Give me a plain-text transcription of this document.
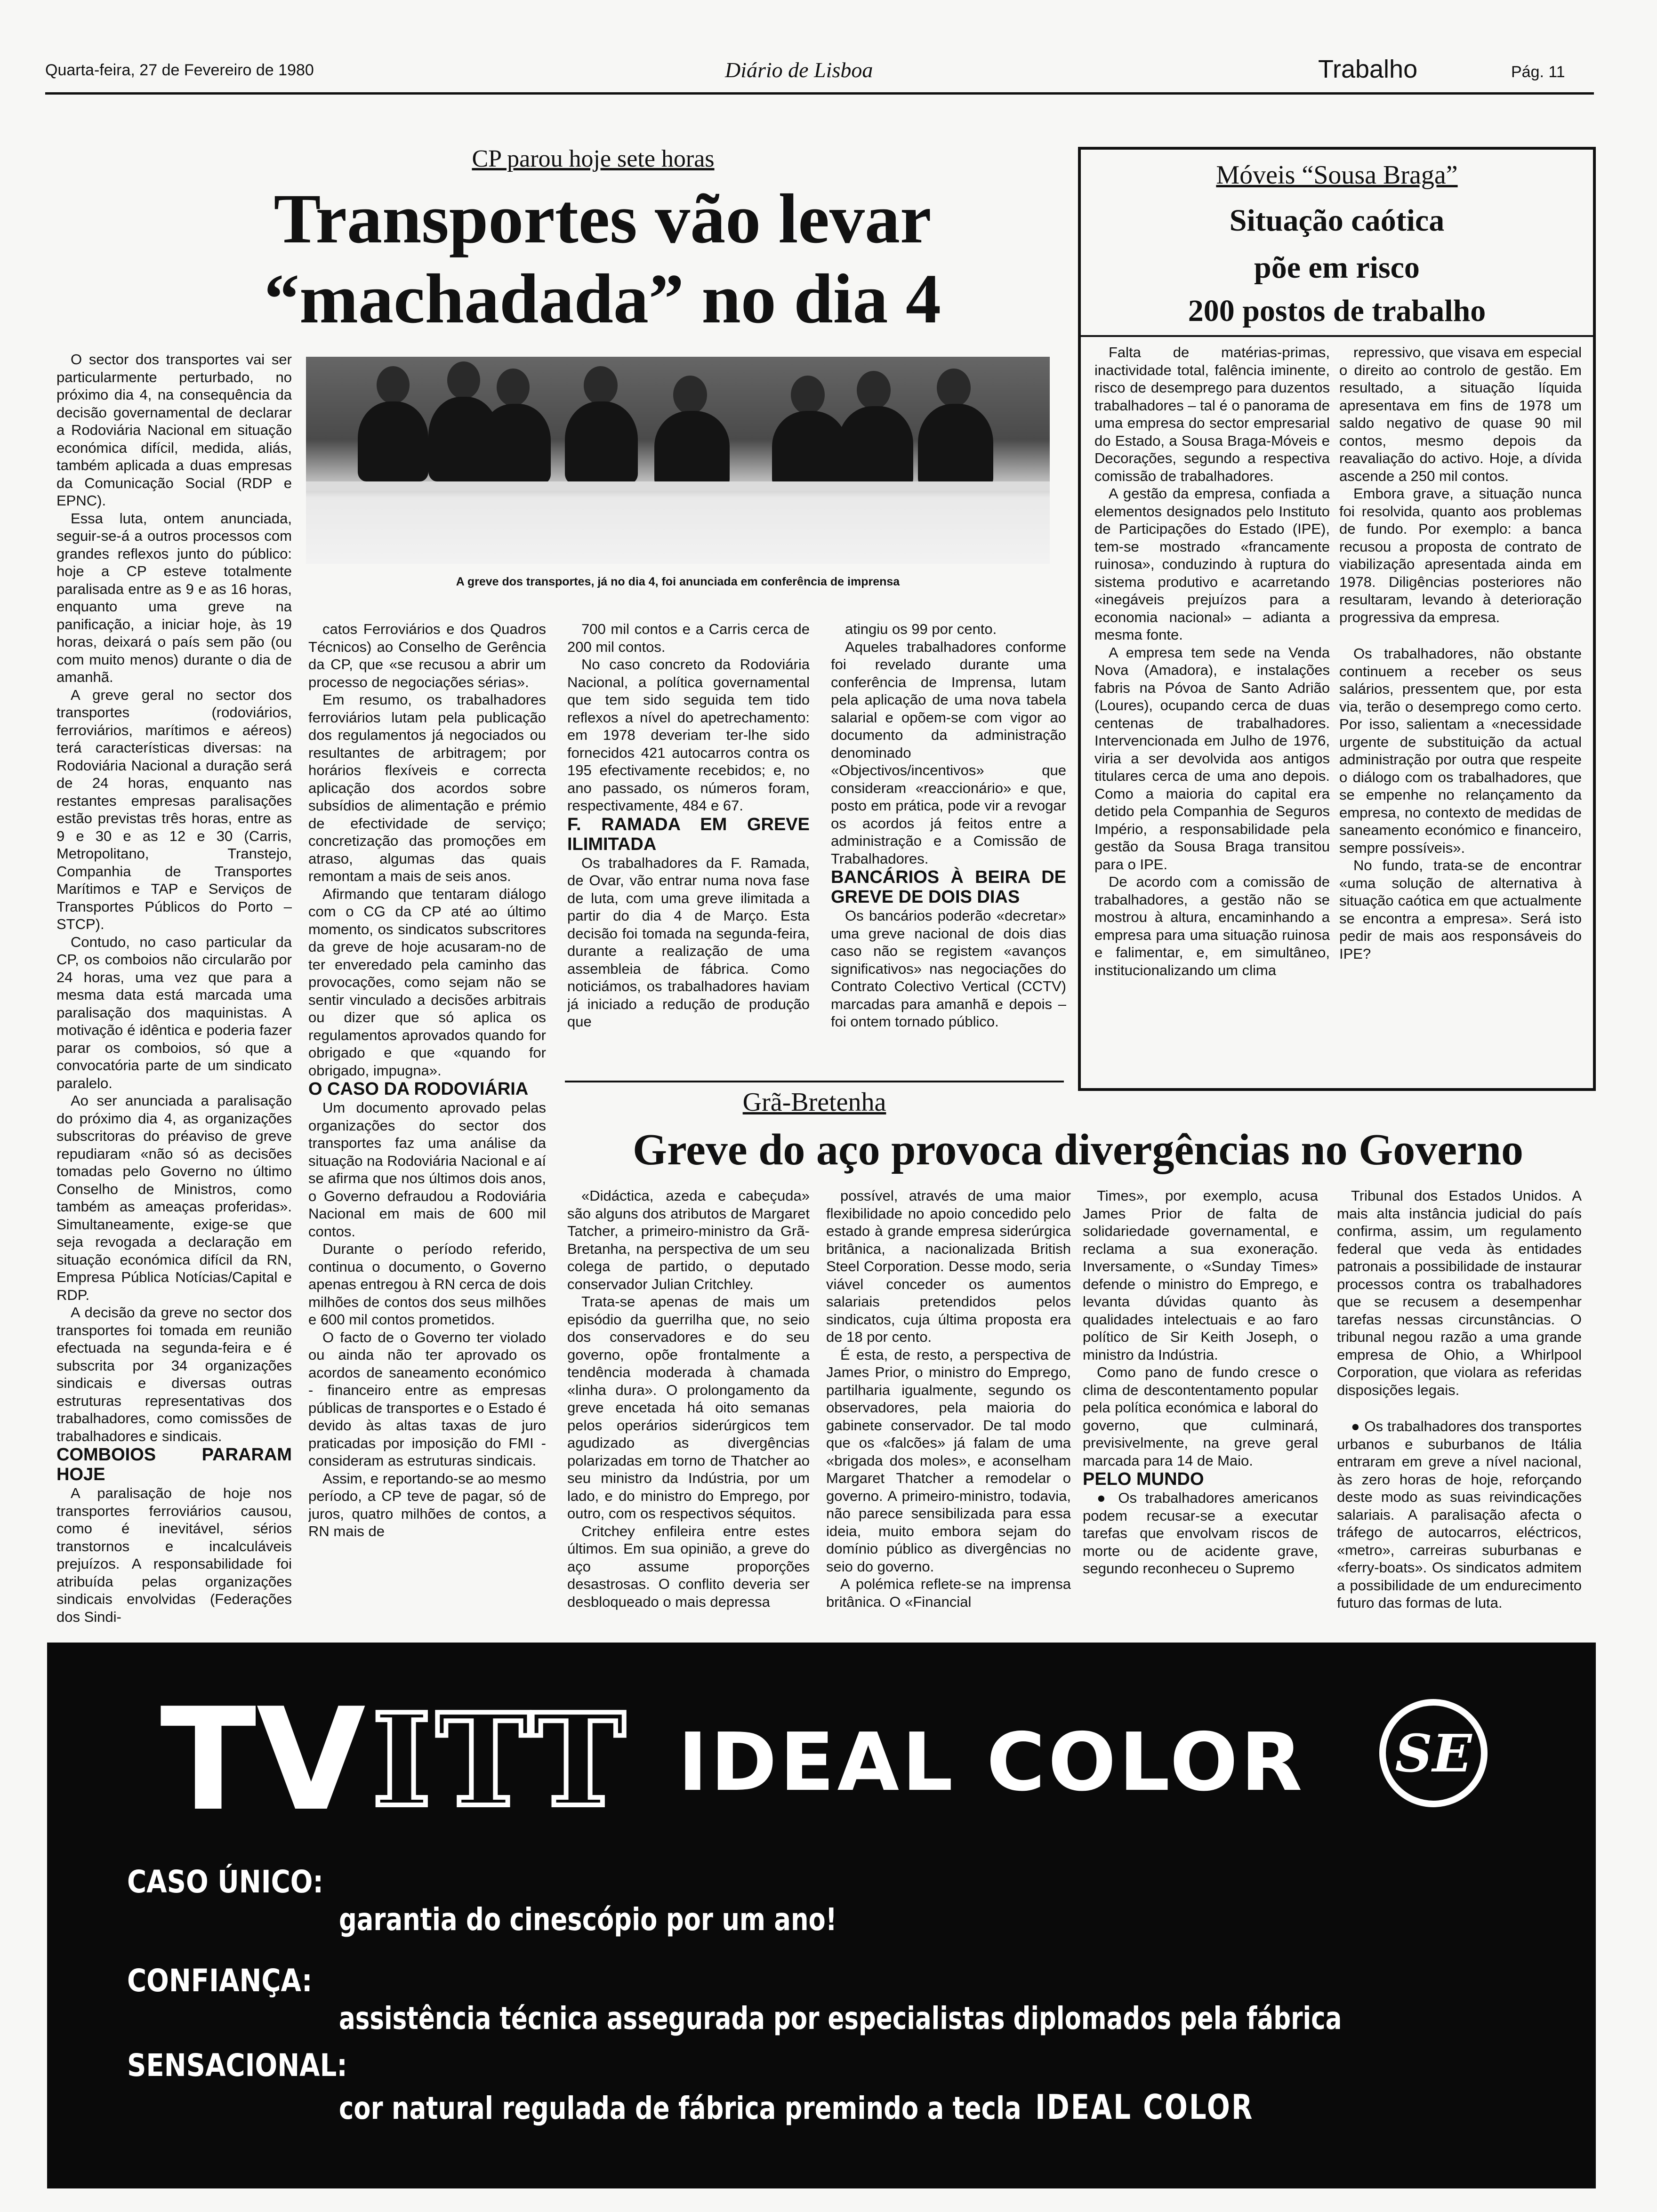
Quarta-feira, 27 de Fevereiro de 1980	Diário de Lisboa	Trabalho	Pág. 11
CP parou hoje sete horas
Transportes vão levar
“machadada” no dia 4

O sector dos transportes vai ser particularmente perturbado, no próximo dia 4, na consequência da decisão governamental de declarar a Rodoviária Nacional em situação económica difícil, medida, aliás, também aplicada a duas empresas da Comunicação Social (RDP e EPNC).

Essa luta, ontem anunciada, seguir-se-á a outros processos com grandes reflexos junto do público: hoje a CP esteve totalmente paralisada entre as 9 e as 16 horas, enquanto uma greve na panificação, a iniciar hoje, às 19 horas, deixará o país sem pão (ou com muito menos) durante o dia de amanhã.

A greve geral no sector dos transportes (rodoviários, ferroviários, marítimos e aéreos) terá características diversas: na Rodoviária Nacional a duração será de 24 horas, enquanto nas restantes empresas paralisações estão previstas três horas, entre as 9 e 30 e as 12 e 30 (Carris, Metropolitano, Transtejo, Companhia de Transportes Marítimos e TAP e Serviços de Transportes Públicos do Porto – STCP).

Contudo, no caso particular da CP, os comboios não circularão por 24 horas, uma vez que para a mesma data está marcada uma paralisação dos maquinistas. A motivação é idêntica e poderia fazer parar os comboios, só que a convocatória parte de um sindicato paralelo.

Ao ser anunciada a paralisação do próximo dia 4, as organizações subscritoras do préaviso de greve repudiaram «não só as decisões tomadas pelo Governo no último Conselho de Ministros, como também as ameaças proferidas». Simultaneamente, exige-se que seja revogada a declaração em situação económica difícil da RN, Empresa Pública Notícias/Capital e RDP.

A decisão da greve no sector dos transportes foi tomada em reunião efectuada na segunda-feira e é subscrita por 34 organizações sindicais e diversas outras estruturas representativas dos trabalhadores, como comissões de trabalhadores e sindicais.

COMBOIOS PARARAM HOJE

A paralisação de hoje nos transportes ferroviários causou, como é inevitável, sérios transtornos e incalculáveis prejuízos. A responsabilidade foi atribuída pelas organizações sindicais envolvidas (Federações dos Sindi-

A greve dos transportes, já no dia 4, foi anunciada em conferência de imprensa

catos Ferroviários e dos Quadros Técnicos) ao Conselho de Gerência da CP, que «se recusou a abrir um processo de negociações sérias».

Em resumo, os trabalhadores ferroviários lutam pela publicação dos regulamentos já negociados ou resultantes de arbitragem; por horários flexíveis e correcta aplicação dos acordos sobre subsídios de alimentação e prémio de efectividade de serviço; concretização das promoções em atraso, algumas das quais remontam a mais de seis anos.

Afirmando que tentaram diálogo com o CG da CP até ao último momento, os sindicatos subscritores da greve de hoje acusaram-no de ter enveredado pela caminho das provocações, como sejam não se sentir vinculado a decisões arbitrais ou dizer que só aplica os regulamentos aprovados quando for obrigado e que «quando for obrigado, impugna».

O CASO DA RODOVIÁRIA

Um documento aprovado pelas organizações do sector dos transportes faz uma análise da situação na Rodoviária Nacional e aí se afirma que nos últimos dois anos, o Governo defraudou a Rodoviária Nacional em mais de 600 mil contos.

Durante o período referido, continua o documento, o Governo apenas entregou à RN cerca de dois milhões de contos dos seus milhões e 600 mil contos prometidos.

O facto de o Governo ter violado ou ainda não ter aprovado os acordos de saneamento económico - financeiro entre as empresas públicas de transportes e o Estado é devido às altas taxas de juro praticadas por imposição do FMI - consideram as estruturas sindicais.

Assim, e reportando-se ao mesmo período, a CP teve de pagar, só de juros, quatro milhões de contos, a RN mais de

700 mil contos e a Carris cerca de 200 mil contos.

No caso concreto da Rodoviária Nacional, a política governamental que tem sido seguida tem tido reflexos a nível do apetrechamento: em 1978 deveriam ter-lhe sido fornecidos 421 autocarros contra os 195 efectivamente recebidos; e, no ano passado, os números foram, respectivamente, 484 e 67.

F. RAMADA EM GREVE ILIMITADA

Os trabalhadores da F. Ramada, de Ovar, vão entrar numa nova fase de luta, com uma greve ilimitada a partir do dia 4 de Março. Esta decisão foi tomada na segunda-feira, durante a realização de uma assembleia de fábrica. Como noticiámos, os trabalhadores haviam já iniciado a redução de produção que

atingiu os 99 por cento.

Aqueles trabalhadores conforme foi revelado durante uma conferência de Imprensa, lutam pela aplicação de uma nova tabela salarial e opõem-se com vigor ao documento da administração denominado «Objectivos/incentivos» que consideram «reaccionário» e que, posto em prática, pode vir a revogar os acordos já feitos entre a administração e a Comissão de Trabalhadores.

BANCÁRIOS À BEIRA DE GREVE DE DOIS DIAS

Os bancários poderão «decretar» uma greve nacional de dois dias caso não se registem «avanços significativos» nas negociações do Contrato Colectivo Vertical (CCTV) marcadas para amanhã e depois – foi ontem tornado público.

Móveis “Sousa Braga”
Situação caótica
põe em risco
200 postos de trabalho

Falta de matérias-primas, inactividade total, falência iminente, risco de desemprego para duzentos trabalhadores – tal é o panorama de uma empresa do sector empresarial do Estado, a Sousa Braga-Móveis e Decorações, segundo a respectiva comissão de trabalhadores.

A gestão da empresa, confiada a elementos designados pelo Instituto de Participações do Estado (IPE), tem-se mostrado «francamente ruinosa», conduzindo à ruptura do sistema produtivo e acarretando «inegáveis prejuízos para a economia nacional» – adianta a mesma fonte.

A empresa tem sede na Venda Nova (Amadora), e instalações fabris na Póvoa de Santo Adrião (Loures), ocupando cerca de duas centenas de trabalhadores. Intervencionada em Julho de 1976, viria a ser devolvida aos antigos titulares cerca de uma ano depois. Como a maioria do capital era detido pela Companhia de Seguros Império, a responsabilidade pela gestão da Sousa Braga transitou para o IPE.

De acordo com a comissão de trabalhadores, a gestão não se mostrou à altura, encaminhando a empresa para uma situação ruinosa e falimentar, e, em simultâneo, institucionalizando um clima

repressivo, que visava em especial o direito ao controlo de gestão. Em resultado, a situação líquida apresentava em fins de 1978 um saldo negativo de quase 90 mil contos, mesmo depois da reavaliação do activo. Hoje, a dívida ascende a 250 mil contos.

Embora grave, a situação nunca foi resolvida, quanto aos problemas de fundo. Por exemplo: a banca recusou a proposta de contrato de viabilização apresentada ainda em 1978. Diligências posteriores não resultaram, levando à deterioração progressiva da empresa.

Os trabalhadores, não obstante continuem a receber os seus salários, pressentem que, por esta via, terão o desemprego como certo. Por isso, salientam a «necessidade urgente de substituição da actual administração por outra que respeite o diálogo com os trabalhadores, que se empenhe no relançamento da empresa, no contexto de medidas de saneamento económico e financeiro, sempre possíveis».

No fundo, trata-se de encontrar «uma solução de alternativa à situação caótica em que actualmente se encontra a empresa». Será isto pedir de mais aos responsáveis do IPE?

Grã-Bretenha
Greve do aço provoca divergências no Governo

«Didáctica, azeda e cabeçuda» são alguns dos atributos de Margaret Tatcher, a primeiro-ministro da Grã-Bretanha, na perspectiva de um seu colega de partido, o deputado conservador Julian Critchley.

Trata-se apenas de mais um episódio da guerrilha que, no seio dos conservadores e do seu governo, opõe frontalmente a tendência moderada à chamada «linha dura». O prolongamento da greve encetada há oito semanas pelos operários siderúrgicos tem agudizado as divergências polarizadas em torno de Thatcher ao seu ministro da Indústria, por um lado, e do ministro do Emprego, por outro, com os respectivos séquitos.

Critchey enfileira entre estes últimos. Em sua opinião, a greve do aço assume proporções desastrosas. O conflito deveria ser desbloqueado o mais depressa

possível, através de uma maior flexibilidade no apoio concedido pelo estado à grande empresa siderúrgica britânica, a nacionalizada British Steel Corporation. Desse modo, seria viável conceder os aumentos salariais pretendidos pelos sindicatos, cuja última proposta era de 18 por cento.

É esta, de resto, a perspectiva de James Prior, o ministro do Emprego, partilharia igualmente, segundo os observadores, pela maioria do gabinete conservador. De tal modo que os «falcões» já falam de uma «brigada dos moles», e aconselham Margaret Thatcher a remodelar o governo. A primeiro-ministro, todavia, não parece sensibilizada para essa ideia, muito embora sejam do domínio público as divergências no seio do governo.

A polémica reflete-se na imprensa britânica. O «Financial

Times», por exemplo, acusa James Prior de falta de solidariedade governamental, e reclama a sua exoneração. Inversamente, o «Sunday Times» defende o ministro do Emprego, e levanta dúvidas quanto às qualidades intelectuais e ao faro político de Sir Keith Joseph, o ministro da Indústria.

Como pano de fundo cresce o clima de descontentamento popular pela política económica e laboral do governo, que culminará, previsivelmente, na greve geral marcada para 14 de Maio.

PELO MUNDO

● Os trabalhadores americanos podem recusar-se a executar tarefas que envolvam riscos de morte ou de acidente grave, segundo reconheceu o Supremo

Tribunal dos Estados Unidos. A mais alta instância judicial do país confirma, assim, um regulamento federal que veda às entidades patronais a possibilidade de instaurar processos contra os trabalhadores que se recusem a desempenhar tarefas nessas circunstâncias. O tribunal negou razão a uma grande empresa de Ohio, a Whirlpool Corporation, que violara as referidas disposições legais.

● Os trabalhadores dos transportes urbanos e suburbanos de Itália entraram em greve a nível nacional, às zero horas de hoje, reforçando deste modo as suas reivindicações salariais. A paralisação afecta o tráfego de autocarros, eléctricos, «metro», carreiras suburbanas e «ferry-boats». Os sindicatos admitem a possibilidade de um endurecimento futuro das formas de luta.

TV ITT IDEAL COLOR SE
CASO ÚNICO:
garantia do cinescópio por um ano!
CONFIANÇA:
assistência técnica assegurada por especialistas diplomados pela fábrica
SENSACIONAL:
cor natural regulada de fábrica premindo a tecla IDEAL COLOR
